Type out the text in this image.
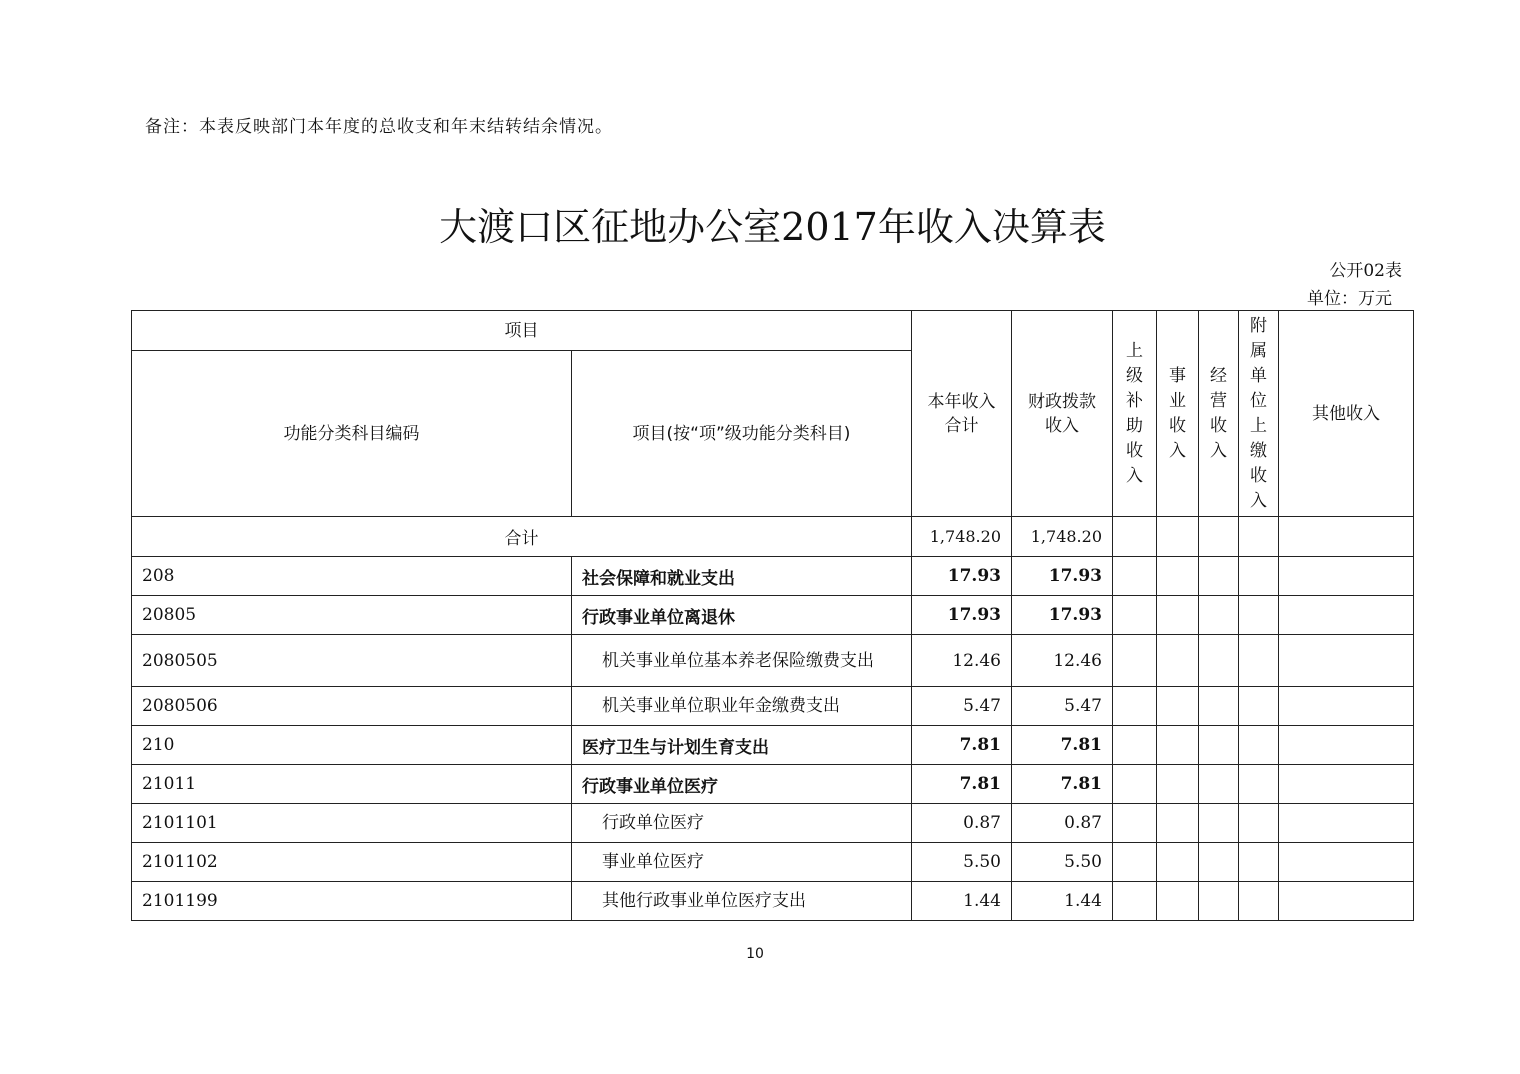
备注：本表反映部门本年度的总收支和年末结转结余情况。
大渡口区征地办公室2017年收入决算表
公开02表
单位：万元
项目		本年收入合计	财政拨款收入	上级补助收入	事业收入	经营收入	附属单位上缴收入	其他收入
功能分类科目编码	项目(按“项”级功能分类科目)							
合计		1,748.20	1,748.20					
208	社会保障和就业支出	17.93	17.93					
20805	行政事业单位离退休	17.93	17.93					
2080505	机关事业单位基本养老保险缴费支出	12.46	12.46					
2080506	机关事业单位职业年金缴费支出	5.47	5.47					
210	医疗卫生与计划生育支出	7.81	7.81					
21011	行政事业单位医疗	7.81	7.81					
2101101	行政单位医疗	0.87	0.87					
2101102	事业单位医疗	5.50	5.50					
2101199	其他行政事业单位医疗支出	1.44	1.44					
10
